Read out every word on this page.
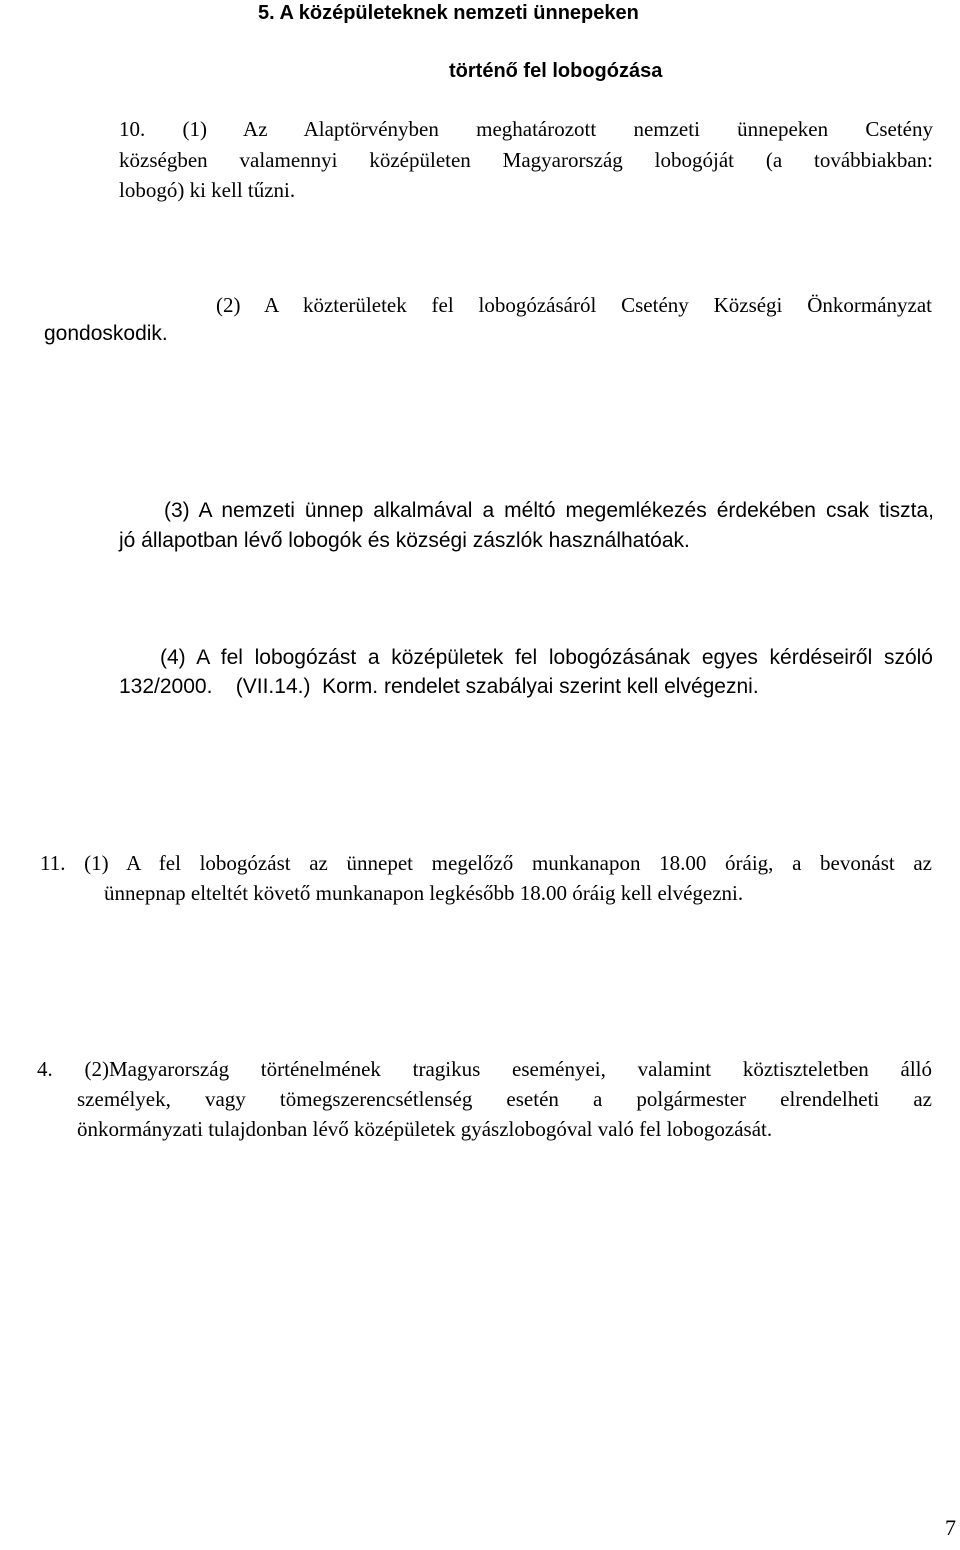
5. A középületeknek nemzeti ünnepeken
történő fel lobogózása
10. (1) Az Alaptörvényben meghatározott nemzeti ünnepeken Csetény
községben valamennyi középületen Magyarország lobogóját (a továbbiakban:
lobogó) ki kell tűzni.
(2) A közterületek fel lobogózásáról Csetény Községi Önkormányzat
gondoskodik.
(3) A nemzeti ünnep alkalmával a méltó megemlékezés érdekében csak tiszta,
jó állapotban lévő lobogók és községi zászlók használhatóak.
(4) A fel lobogózást a középületek fel lobogózásának egyes kérdéseiről szóló
132/2000.    (VII.14.)  Korm. rendelet szabályai szerint kell elvégezni.
11. (1) A fel lobogózást az ünnepet megelőző munkanapon 18.00 óráig, a bevonást az
ünnepnap elteltét követő munkanapon legkésőbb 18.00 óráig kell elvégezni.
4. (2)Magyarország történelmének tragikus eseményei, valamint köztiszteletben álló
személyek, vagy tömegszerencsétlenség esetén a polgármester elrendelheti az
önkormányzati tulajdonban lévő középületek gyászlobogóval való fel lobogozását.
7
